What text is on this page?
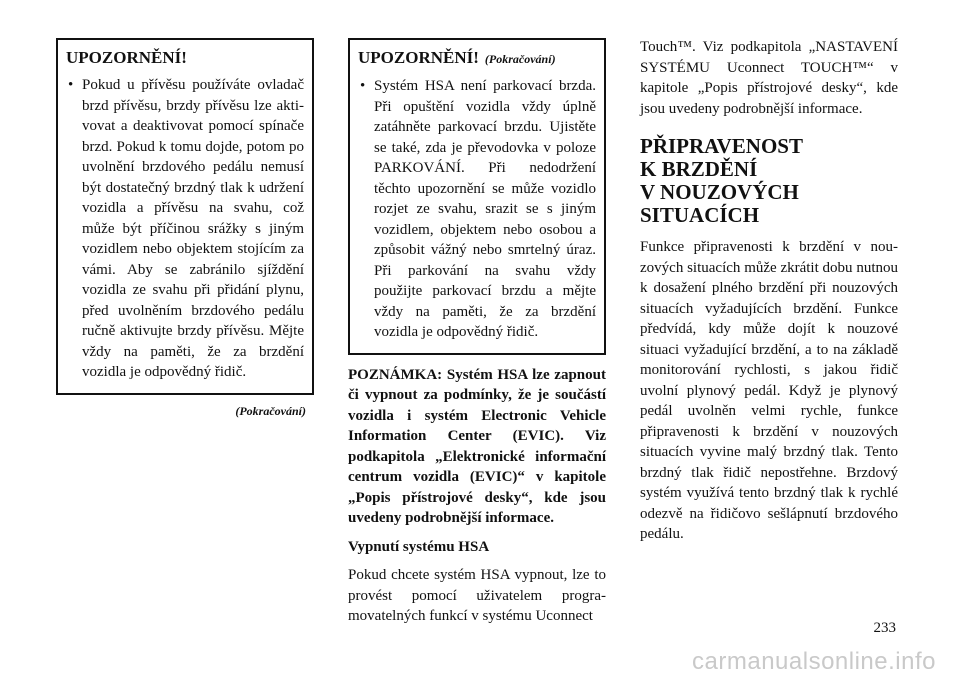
UPOZORNĚNÍ!

• Pokud u přívěsu používáte ovladač brzd přívěsu, brzdy přívěsu lze aktivovat a deaktivovat pomocí spínače brzd. Pokud k tomu dojde, potom po uvolnění brzdového pedálu nemusí být dostatečný brzdný tlak k udržení vozidla a přívěsu na svahu, což může být příčinou srážky s jiným vozidlem nebo objektem stojícím za vámi. Aby se zabránilo sjíždění vozidla ze svahu při přidání plynu, před uvolněním brzdového pedálu ručně aktivujte brzdy přívěsu. Mějte vždy na paměti, že za brzdění vozidla je odpovědný řidič.

(Pokračování)
UPOZORNĚNÍ! (Pokračování)

• Systém HSA není parkovací brzda. Při opuštění vozidla vždy úplně zatáhněte parkovací brzdu. Ujistěte se také, zda je převodovka v poloze PARKOVÁNÍ. Při nedodržení těchto upozornění se může vozidlo rozjet ze svahu, srazit se s jiným vozidlem, objektem nebo osobou a způsobit vážný nebo smrtelný úraz. Při parkování na svahu vždy použijte parkovací brzdu a mějte vždy na paměti, že za brzdění vozidla je odpovědný řidič.

POZNÁMKA: Systém HSA lze zapnout či vypnout za podmínky, že je součástí vozidla i systém Electronic Vehicle Information Center (EVIC). Viz podkapitola „Elektronické informační centrum vozidla (EVIC)“ v kapitole „Popis přístrojové desky“, kde jsou uvedeny podrobnější informace.

Vypnutí systému HSA

Pokud chcete systém HSA vypnout, lze to provést pomocí uživatelem programovatelných funkcí v systému Uconnect

Touch™. Viz podkapitola „NASTAVENÍ SYSTÉMU Uconnect TOUCH™“ v kapitole „Popis přístrojové desky“, kde jsou uvedeny podrobnější informace.

PŘIPRAVENOST
K BRZDĚNÍ
V NOUZOVÝCH
SITUACÍCH

Funkce připravenosti k brzdění v nouzových situacích může zkrátit dobu nutnou k dosažení plného brzdění při nouzových situacích vyžadujících brzdění. Funkce předvídá, kdy může dojít k nouzové situaci vyžadující brzdění, a to na základě monitorování rychlosti, s jakou řidič uvolní plynový pedál. Když je plynový pedál uvolněn velmi rychle, funkce připravenosti k brzdění v nouzových situacích vyvine malý brzdný tlak. Tento brzdný tlak řidič nepostřehne. Brzdový systém využívá tento brzdný tlak k rychlé odezvě na řidičovo sešlápnutí brzdového pedálu.

233
carmanualsonline.info
